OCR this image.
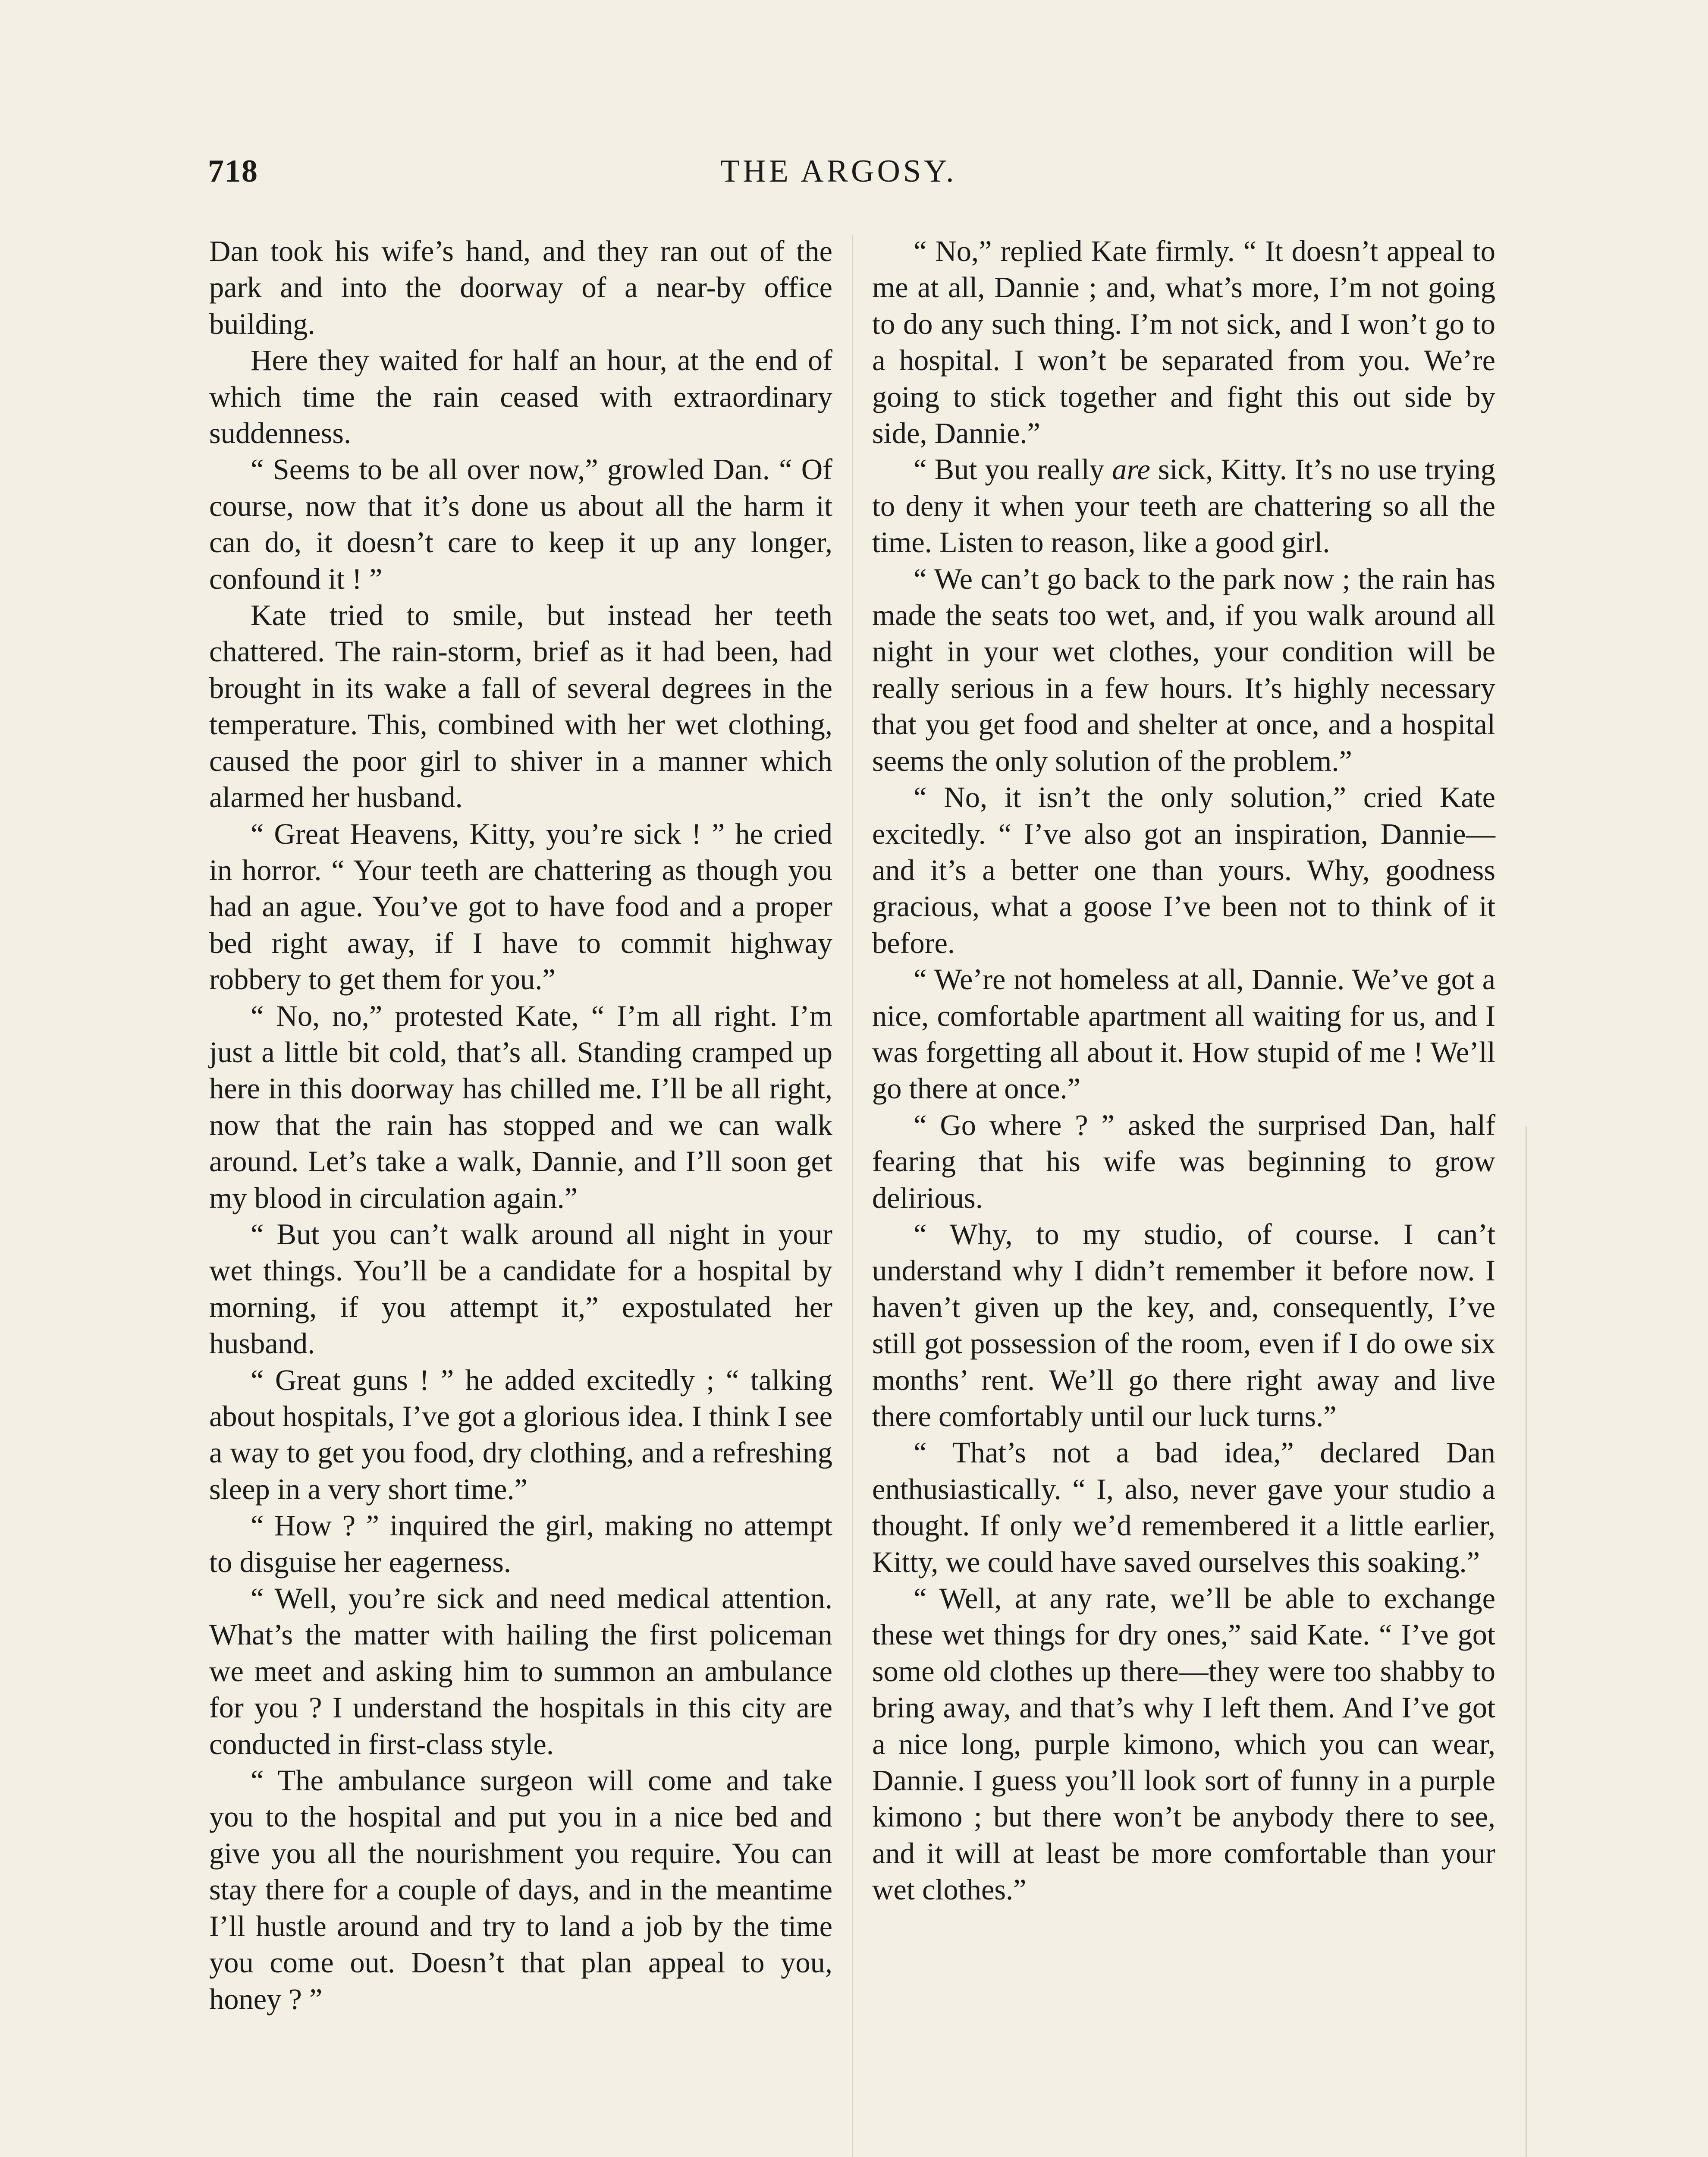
718	THE ARGOSY.

Dan took his wife’s hand, and they ran out of the park and into the doorway of a near-by office building.

Here they waited for half an hour, at the end of which time the rain ceased with extraordinary suddenness.

“ Seems to be all over now,” growled Dan. “ Of course, now that it’s done us about all the harm it can do, it doesn’t care to keep it up any longer, confound it ! ”

Kate tried to smile, but instead her teeth chattered. The rain-storm, brief as it had been, had brought in its wake a fall of several degrees in the temperature. This, combined with her wet clothing, caused the poor girl to shiver in a manner which alarmed her husband.

“ Great Heavens, Kitty, you’re sick ! ” he cried in horror. “ Your teeth are chattering as though you had an ague. You’ve got to have food and a proper bed right away, if I have to commit highway robbery to get them for you.”

“ No, no,” protested Kate, “ I’m all right. I’m just a little bit cold, that’s all. Standing cramped up here in this doorway has chilled me. I’ll be all right, now that the rain has stopped and we can walk around. Let’s take a walk, Dannie, and I’ll soon get my blood in circulation again.”

“ But you can’t walk around all night in your wet things. You’ll be a candidate for a hospital by morning, if you attempt it,” expostulated her husband.

“ Great guns ! ” he added excitedly ; “ talking about hospitals, I’ve got a glorious idea. I think I see a way to get you food, dry clothing, and a refreshing sleep in a very short time.”

“ How ? ” inquired the girl, making no attempt to disguise her eagerness.

“ Well, you’re sick and need medical attention. What’s the matter with hailing the first policeman we meet and asking him to summon an ambulance for you ? I understand the hospitals in this city are conducted in first-class style.

“ The ambulance surgeon will come and take you to the hospital and put you in a nice bed and give you all the nourishment you require. You can stay there for a couple of days, and in the meantime I’ll hustle around and try to land a job by the time you come out. Doesn’t that plan appeal to you, honey ? ”

“ No,” replied Kate firmly. “ It doesn’t appeal to me at all, Dannie ; and, what’s more, I’m not going to do any such thing. I’m not sick, and I won’t go to a hospital. I won’t be separated from you. We’re going to stick together and fight this out side by side, Dannie.”

“ But you really are sick, Kitty. It’s no use trying to deny it when your teeth are chattering so all the time. Listen to reason, like a good girl.

“ We can’t go back to the park now ; the rain has made the seats too wet, and, if you walk around all night in your wet clothes, your condition will be really serious in a few hours. It’s highly necessary that you get food and shelter at once, and a hospital seems the only solution of the problem.”

“ No, it isn’t the only solution,” cried Kate excitedly. “ I’ve also got an inspiration, Dannie—and it’s a better one than yours. Why, goodness gracious, what a goose I’ve been not to think of it before.

“ We’re not homeless at all, Dannie. We’ve got a nice, comfortable apartment all waiting for us, and I was forgetting all about it. How stupid of me ! We’ll go there at once.”

“ Go where ? ” asked the surprised Dan, half fearing that his wife was beginning to grow delirious.

“ Why, to my studio, of course. I can’t understand why I didn’t remember it before now. I haven’t given up the key, and, consequently, I’ve still got possession of the room, even if I do owe six months’ rent. We’ll go there right away and live there comfortably until our luck turns.”

“ That’s not a bad idea,” declared Dan enthusiastically. “ I, also, never gave your studio a thought. If only we’d remembered it a little earlier, Kitty, we could have saved ourselves this soaking.”

“ Well, at any rate, we’ll be able to exchange these wet things for dry ones,” said Kate. “ I’ve got some old clothes up there—they were too shabby to bring away, and that’s why I left them. And I’ve got a nice long, purple kimono, which you can wear, Dannie. I guess you’ll look sort of funny in a purple kimono ; but there won’t be anybody there to see, and it will at least be more comfortable than your wet clothes.”
